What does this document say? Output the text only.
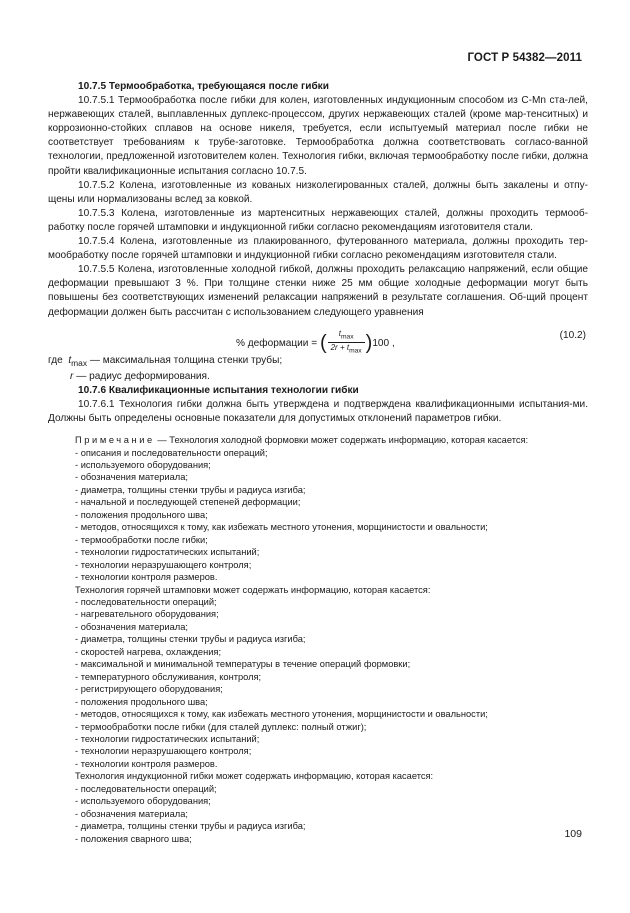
ГОСТ Р 54382—2011

10.7.5 Термообработка, требующаяся после гибки

10.7.5.1 Термообработка после гибки для колен, изготовленных индукционным способом из С-Mn ста-лей, нержавеющих сталей, выплавленных дуплекс-процессом, других нержавеющих сталей (кроме мар-тенситных) и коррозионно-стойких сплавов на основе никеля, требуется, если испытуемый материал после гибки не соответствует требованиям к трубе-заготовке. Термообработка должна соответствовать согласо-ванной технологии, предложенной изготовителем колен. Технология гибки, включая термообработку после гибки, должна пройти квалификационные испытания согласно 10.7.5.

10.7.5.2 Колена, изготовленные из кованых низколегированных сталей, должны быть закалены и отпу-щены или нормализованы вслед за ковкой.

10.7.5.3 Колена, изготовленные из мартенситных нержавеющих сталей, должны проходить термооб-работку после горячей штамповки и индукционной гибки согласно рекомендациям изготовителя стали.

10.7.5.4 Колена, изготовленные из плакированного, футерованного материала, должны проходить тер-мообработку после горячей штамповки и индукционной гибки согласно рекомендациям изготовителя стали.

10.7.5.5 Колена, изготовленные холодной гибкой, должны проходить релаксацию напряжений, если общие деформации превышают 3 %. При толщине стенки ниже 25 мм общие холодные деформации могут быть повышены без соответствующих изменений релаксации напряжений в результате соглашения. Об-щий процент деформации должен быть рассчитан с использованием следующего уравнения

% деформации = ( $\frac{t_{max}}{2r + t_{max}} )100$ ,
(10.2)
где $t_{max}$ — максимальная толщина стенки трубы;
r — радиус деформирования.

10.7.6 Квалификационные испытания технологии гибки

10.7.6.1 Технология гибки должна быть утверждена и подтверждена квалификационными испытания-ми. Должны быть определены основные показатели для допустимых отклонений параметров гибки.

Примечание — Технология холодной формовки может содержать информацию, которая касается:
- описания и последовательности операций;
- используемого оборудования;
- обозначения материала;
- диаметра, толщины стенки трубы и радиуса изгиба;
- начальной и последующей степеней деформации;
- положения продольного шва;
- методов, относящихся к тому, как избежать местного утонения, морщинистости и овальности;
- термообработки после гибки;
- технологии гидростатических испытаний;
- технологии неразрушающего контроля;
- технологии контроля размеров.
Технология горячей штамповки может содержать информацию, которая касается:
- последовательности операций;
- нагревательного оборудования;
- обозначения материала;
- диаметра, толщины стенки трубы и радиуса изгиба;
- скоростей нагрева, охлаждения;
- максимальной и минимальной температуры в течение операций формовки;
- температурного обслуживания, контроля;
- регистрирующего оборудования;
- положения продольного шва;
- методов, относящихся к тому, как избежать местного утонения, морщинистости и овальности;
- термообработки после гибки (для сталей дуплекс: полный отжиг);
- технологии гидростатических испытаний;
- технологии неразрушающего контроля;
- технологии контроля размеров.
Технология индукционной гибки может содержать информацию, которая касается:
- последовательности операций;
- используемого оборудования;
- обозначения материала;
- диаметра, толщины стенки трубы и радиуса изгиба;
- положения сварного шва;	109
